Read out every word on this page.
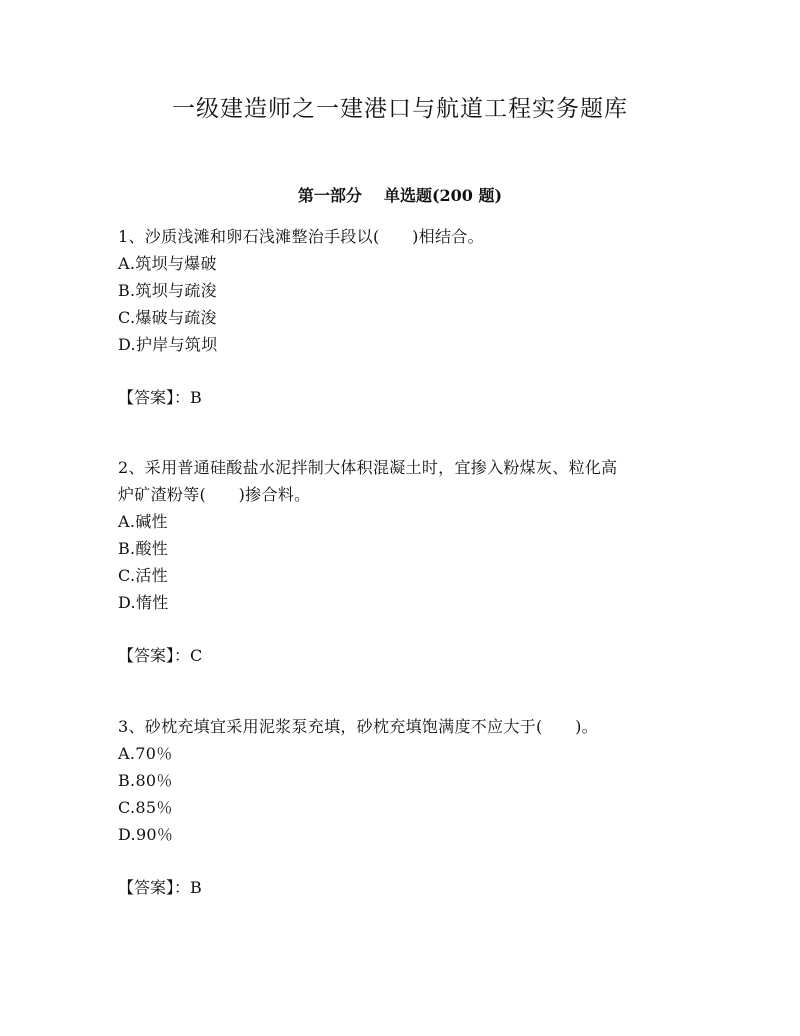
一级建造师之一建港口与航道工程实务题库
第一部分 单选题(200 题)
1、沙质浅滩和卵石浅滩整治手段以(　　)相结合。
A.筑坝与爆破
B.筑坝与疏浚
C.爆破与疏浚
D.护岸与筑坝
【答案】：B
2、采用普通硅酸盐水泥拌制大体积混凝土时，宜掺入粉煤灰、粒化高
炉矿渣粉等(　　)掺合料。
A.碱性
B.酸性
C.活性
D.惰性
【答案】：C
3、砂枕充填宜采用泥浆泵充填，砂枕充填饱满度不应大于(　　)。
A.70％
B.80％
C.85％
D.90％
【答案】：B
